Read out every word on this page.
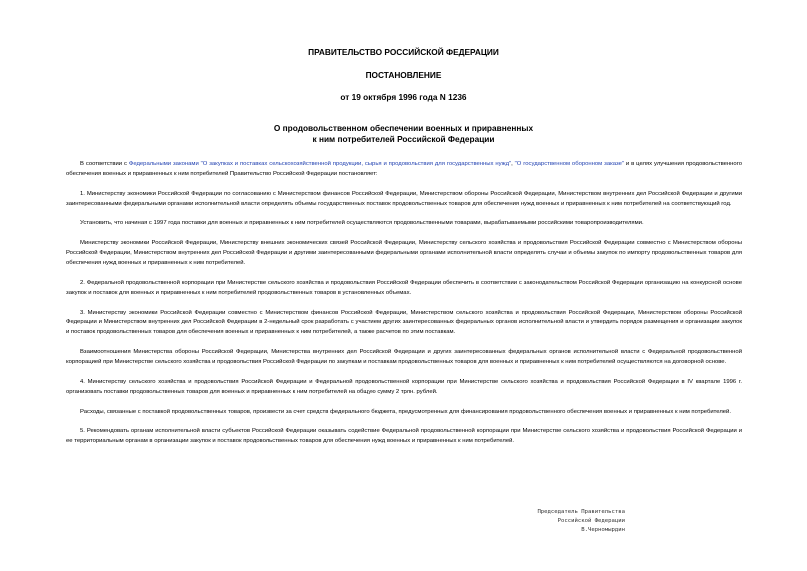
ПРАВИТЕЛЬСТВО РОССИЙСКОЙ ФЕДЕРАЦИИ
ПОСТАНОВЛЕНИЕ
от 19 октября 1996 года N 1236
О продовольственном обеспечении военных и приравненных
к ним потребителей Российской Федерации

В соответствии с Федеральными законами "О закупках и поставках сельскохозяйственной продукции, сырья и продовольствия для государственных нужд", "О государственном оборонном заказе" и в целях улучшения продовольственного обеспечения военных и приравненных к ним потребителей Правительство Российской Федерации постановляет:

1. Министерству экономики Российской Федерации по согласованию с Министерством финансов Российской Федерации, Министерством обороны Российской Федерации, Министерством внутренних дел Российской Федерации и другими заинтересованными федеральными органами исполнительной власти определять объемы государственных поставок продовольственных товаров для обеспечения нужд военных и приравненных к ним потребителей на соответствующий год.

Установить, что начиная с 1997 года поставки для военных и приравненных к ним потребителей осуществляются продовольственными товарами, вырабатываемыми российскими товаропроизводителями.

Министерству экономики Российской Федерации, Министерству внешних экономических связей Российской Федерации, Министерству сельского хозяйства и продовольствия Российской Федерации совместно с Министерством обороны Российской Федерации, Министерством внутренних дел Российской Федерации и другими заинтересованными федеральными органами исполнительной власти определять случаи и объемы закупок по импорту продовольственных товаров для обеспечения нужд военных и приравненных к ним потребителей.

2. Федеральной продовольственной корпорации при Министерстве сельского хозяйства и продовольствия Российской Федерации обеспечить в соответствии с законодательством Российской Федерации организацию на конкурсной основе закупок и поставок для военных и приравненных к ним потребителей продовольственных товаров в установленных объемах.

3. Министерству экономики Российской Федерации совместно с Министерством финансов Российской Федерации, Министерством сельского хозяйства и продовольствия Российской Федерации, Министерством обороны Российской Федерации и Министерством внутренних дел Российской Федерации в 2-недельный срок разработать с участием других заинтересованных федеральных органов исполнительной власти и утвердить порядок размещения и организации закупок и поставок продовольственных товаров для обеспечения военных и приравненных к ним потребителей, а также расчетов по этим поставкам.

Взаимоотношения Министерства обороны Российской Федерации, Министерства внутренних дел Российской Федерации и других заинтересованных федеральных органов исполнительной власти с Федеральной продовольственной корпорацией при Министерстве сельского хозяйства и продовольствия Российской Федерации по закупкам и поставкам продовольственных товаров для военных и приравненных к ним потребителей осуществляются на договорной основе.

4. Министерству сельского хозяйства и продовольствия Российской Федерации и Федеральной продовольственной корпорации при Министерстве сельского хозяйства и продовольствия Российской Федерации в IV квартале 1996 г. организовать поставки продовольственных товаров для военных и приравненных к ним потребителей на общую сумму 2 трлн. рублей.

Расходы, связанные с поставкой продовольственных товаров, произвести за счет средств федерального бюджета, предусмотренных для финансирования продовольственного обеспечения военных и приравненных к ним потребителей.

5. Рекомендовать органам исполнительной власти субъектов Российской Федерации оказывать содействие Федеральной продовольственной корпорации при Министерстве сельского хозяйства и продовольствия Российской Федерации и ее территориальным органам в организации закупок и поставок продовольственных товаров для обеспечения нужд военных и приравненных к ним потребителей.

Председатель Правительства
Российской Федерации
В.Черномырдин
